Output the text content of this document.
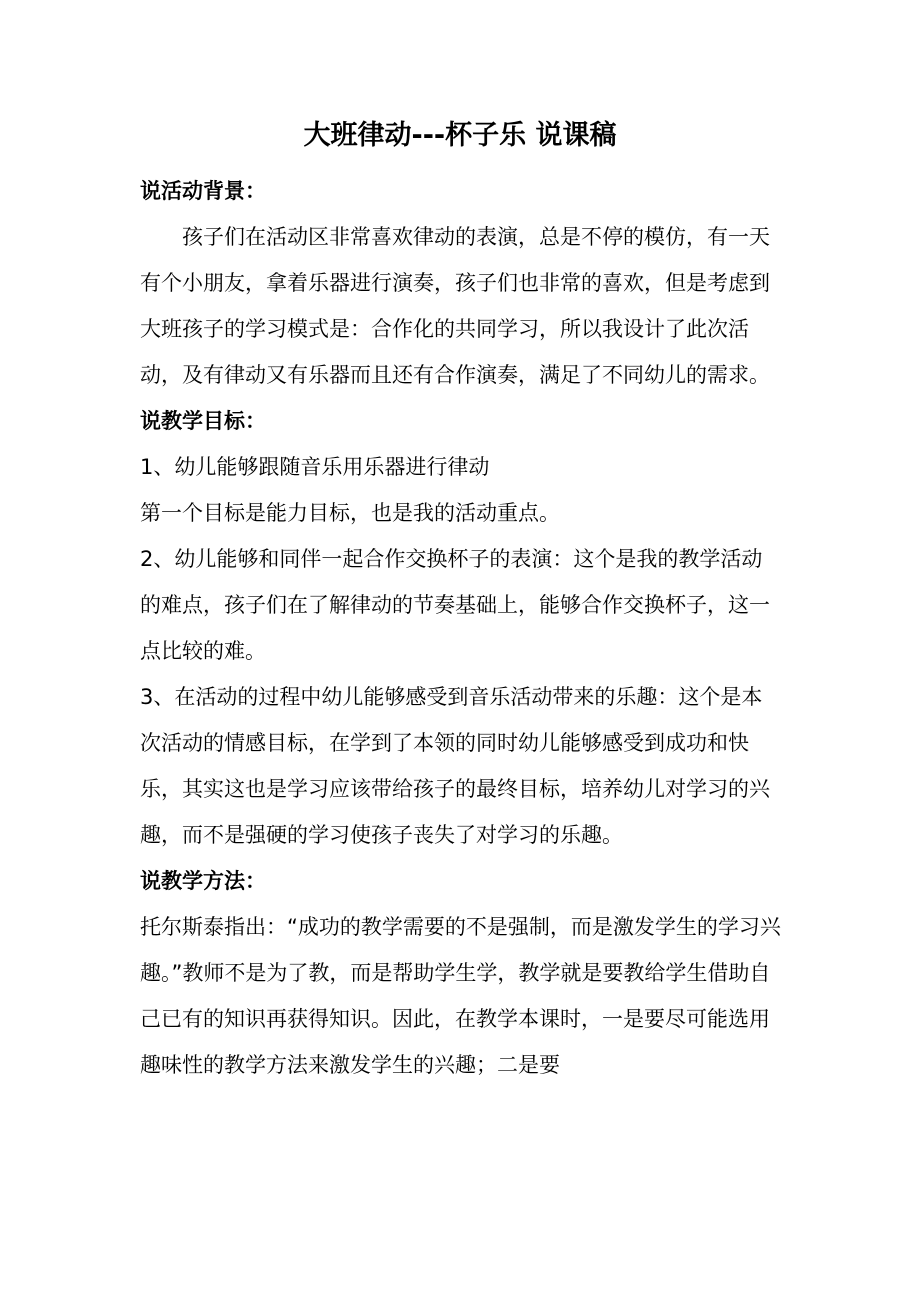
大班律动---杯子乐 说课稿

说活动背景：

孩子们在活动区非常喜欢律动的表演，总是不停的模仿，有一天有个小朋友，拿着乐器进行演奏，孩子们也非常的喜欢，但是考虑到大班孩子的学习模式是：合作化的共同学习，所以我设计了此次活动，及有律动又有乐器而且还有合作演奏，满足了不同幼儿的需求。

说教学目标：

1、幼儿能够跟随音乐用乐器进行律动

第一个目标是能力目标，也是我的活动重点。

2、幼儿能够和同伴一起合作交换杯子的表演：这个是我的教学活动的难点，孩子们在了解律动的节奏基础上，能够合作交换杯子，这一点比较的难。

3、在活动的过程中幼儿能够感受到音乐活动带来的乐趣：这个是本次活动的情感目标，在学到了本领的同时幼儿能够感受到成功和快乐，其实这也是学习应该带给孩子的最终目标，培养幼儿对学习的兴趣，而不是强硬的学习使孩子丧失了对学习的乐趣。

说教学方法：

托尔斯泰指出：“成功的教学需要的不是强制，而是激发学生的学习兴趣。”教师不是为了教，而是帮助学生学，教学就是要教给学生借助自己已有的知识再获得知识。因此，在教学本课时，一是要尽可能选用趣味性的教学方法来激发学生的兴趣；二是要
